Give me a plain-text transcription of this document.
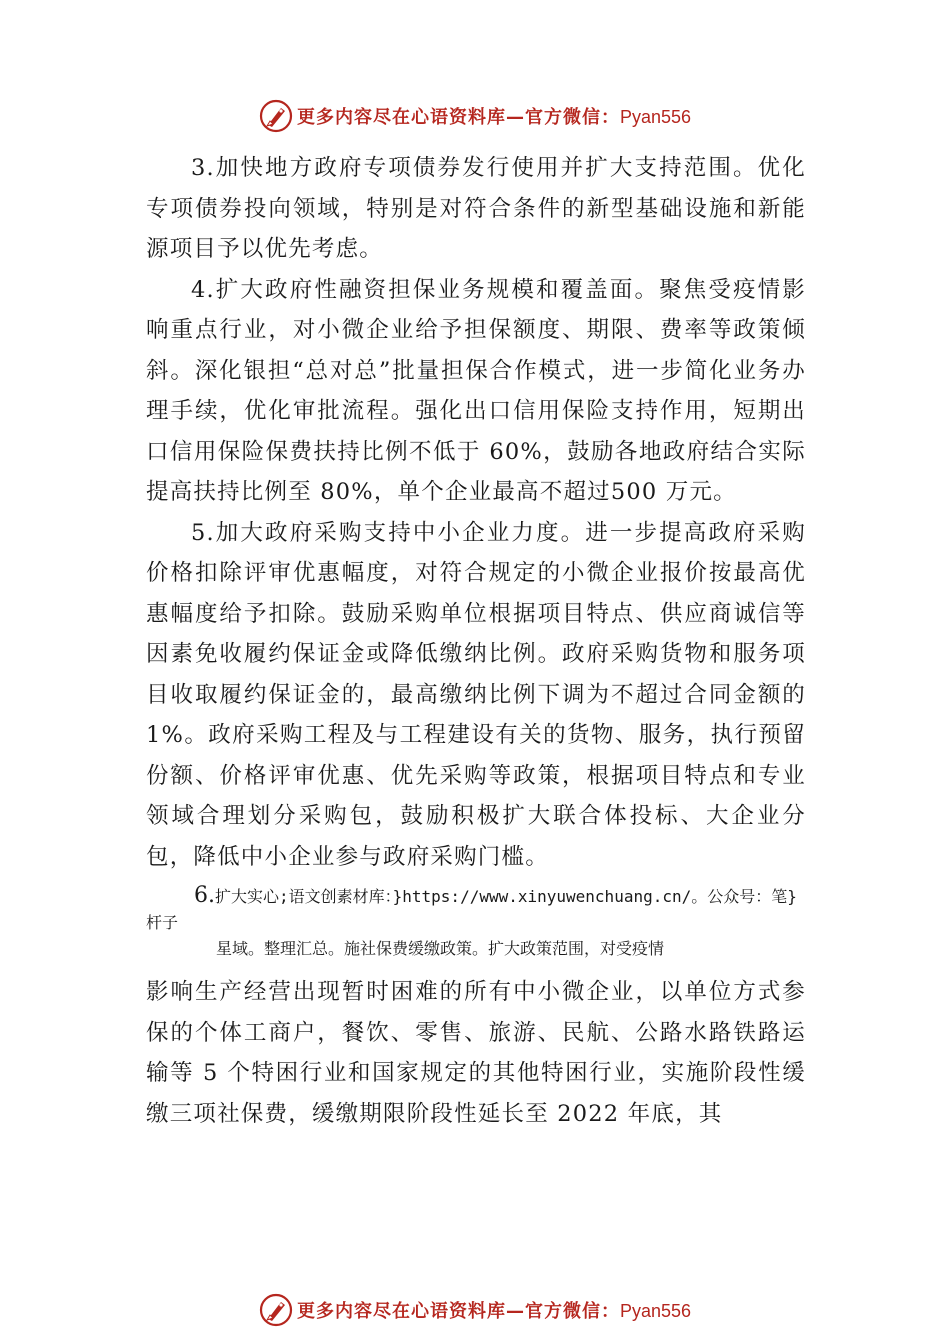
更多内容尽在心语资料库—官方微信：Pyan556

3.加快地方政府专项债券发行使用并扩大支持范围。优化专项债券投向领域，特别是对符合条件的新型基础设施和新能源项目予以优先考虑。

4.扩大政府性融资担保业务规模和覆盖面。聚焦受疫情影响重点行业，对小微企业给予担保额度、期限、费率等政策倾斜。深化银担“总对总”批量担保合作模式，进一步简化业务办理手续，优化审批流程。强化出口信用保险支持作用，短期出口信用保险保费扶持比例不低于 60%，鼓励各地政府结合实际提高扶持比例至 80%，单个企业最高不超过500 万元。

5.加大政府采购支持中小企业力度。进一步提高政府采购价格扣除评审优惠幅度，对符合规定的小微企业报价按最高优惠幅度给予扣除。鼓励采购单位根据项目特点、供应商诚信等因素免收履约保证金或降低缴纳比例。政府采购货物和服务项目收取履约保证金的，最高缴纳比例下调为不超过合同金额的 1%。政府采购工程及与工程建设有关的货物、服务，执行预留份额、价格评审优惠、优先采购等政策，根据项目特点和专业领域合理划分采购包，鼓励积极扩大联合体投标、大企业分包，降低中小企业参与政府采购门槛。

6.扩大实心;语文创素材库：}https://www.xinyuwenchuang.cn/。公众号：笔}杆子
星域。整理汇总。施社保费缓缴政策。扩大政策范围，对受疫情

影响生产经营出现暂时困难的所有中小微企业，以单位方式参保的个体工商户，餐饮、零售、旅游、民航、公路水路铁路运输等 5 个特困行业和国家规定的其他特困行业，实施阶段性缓缴三项社保费，缓缴期限阶段性延长至 2022 年底，其

更多内容尽在心语资料库—官方微信：Pyan556
